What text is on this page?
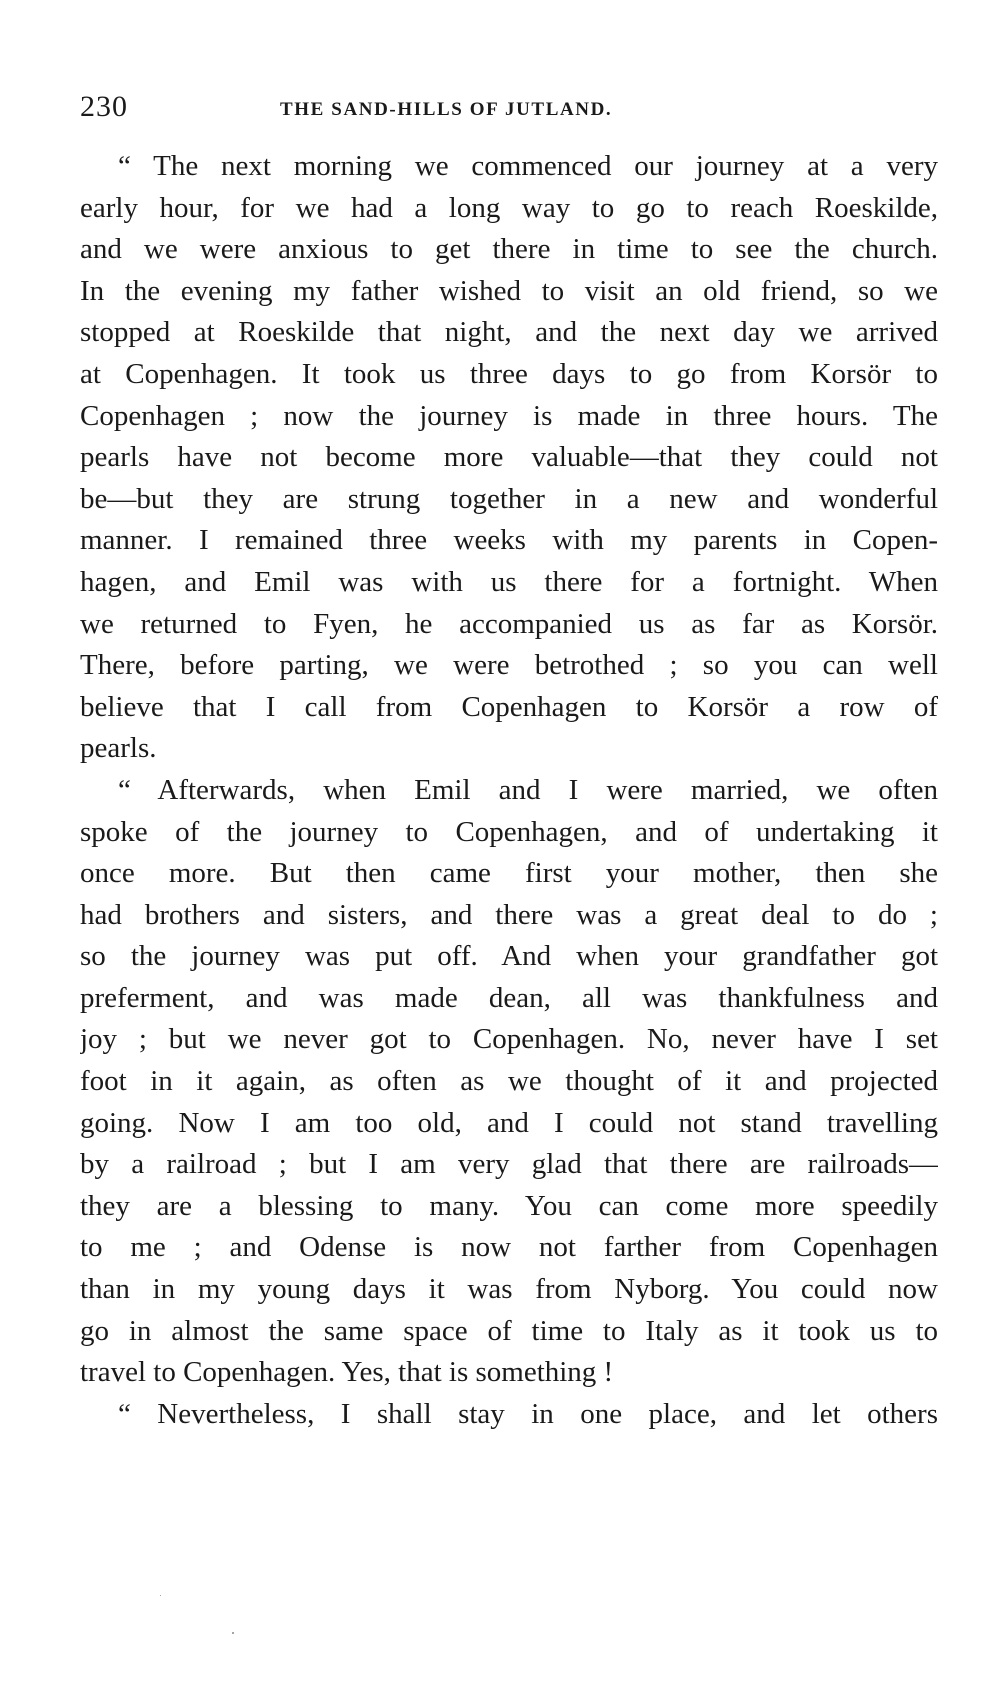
230	THE SAND-HILLS OF JUTLAND.
“ The next morning we commenced our journey at a very
early hour, for we had a long way to go to reach Roeskilde,
and we were anxious to get there in time to see the church.
In the evening my father wished to visit an old friend, so we
stopped at Roeskilde that night, and the next day we arrived
at Copenhagen. It took us three days to go from Korsör to
Copenhagen ; now the journey is made in three hours. The
pearls have not become more valuable—that they could not
be—but they are strung together in a new and wonderful
manner. I remained three weeks with my parents in Copen-
hagen, and Emil was with us there for a fortnight. When
we returned to Fyen, he accompanied us as far as Korsör.
There, before parting, we were betrothed ; so you can well
believe that I call from Copenhagen to Korsör a row of
pearls.
“ Afterwards, when Emil and I were married, we often
spoke of the journey to Copenhagen, and of undertaking it
once more. But then came first your mother, then she
had brothers and sisters, and there was a great deal to do ;
so the journey was put off. And when your grandfather got
preferment, and was made dean, all was thankfulness and
joy ; but we never got to Copenhagen. No, never have I set
foot in it again, as often as we thought of it and projected
going. Now I am too old, and I could not stand travelling
by a railroad ; but I am very glad that there are railroads—
they are a blessing to many. You can come more speedily
to me ; and Odense is now not farther from Copenhagen
than in my young days it was from Nyborg. You could now
go in almost the same space of time to Italy as it took us to
travel to Copenhagen. Yes, that is something !
“ Nevertheless, I shall stay in one place, and let others
